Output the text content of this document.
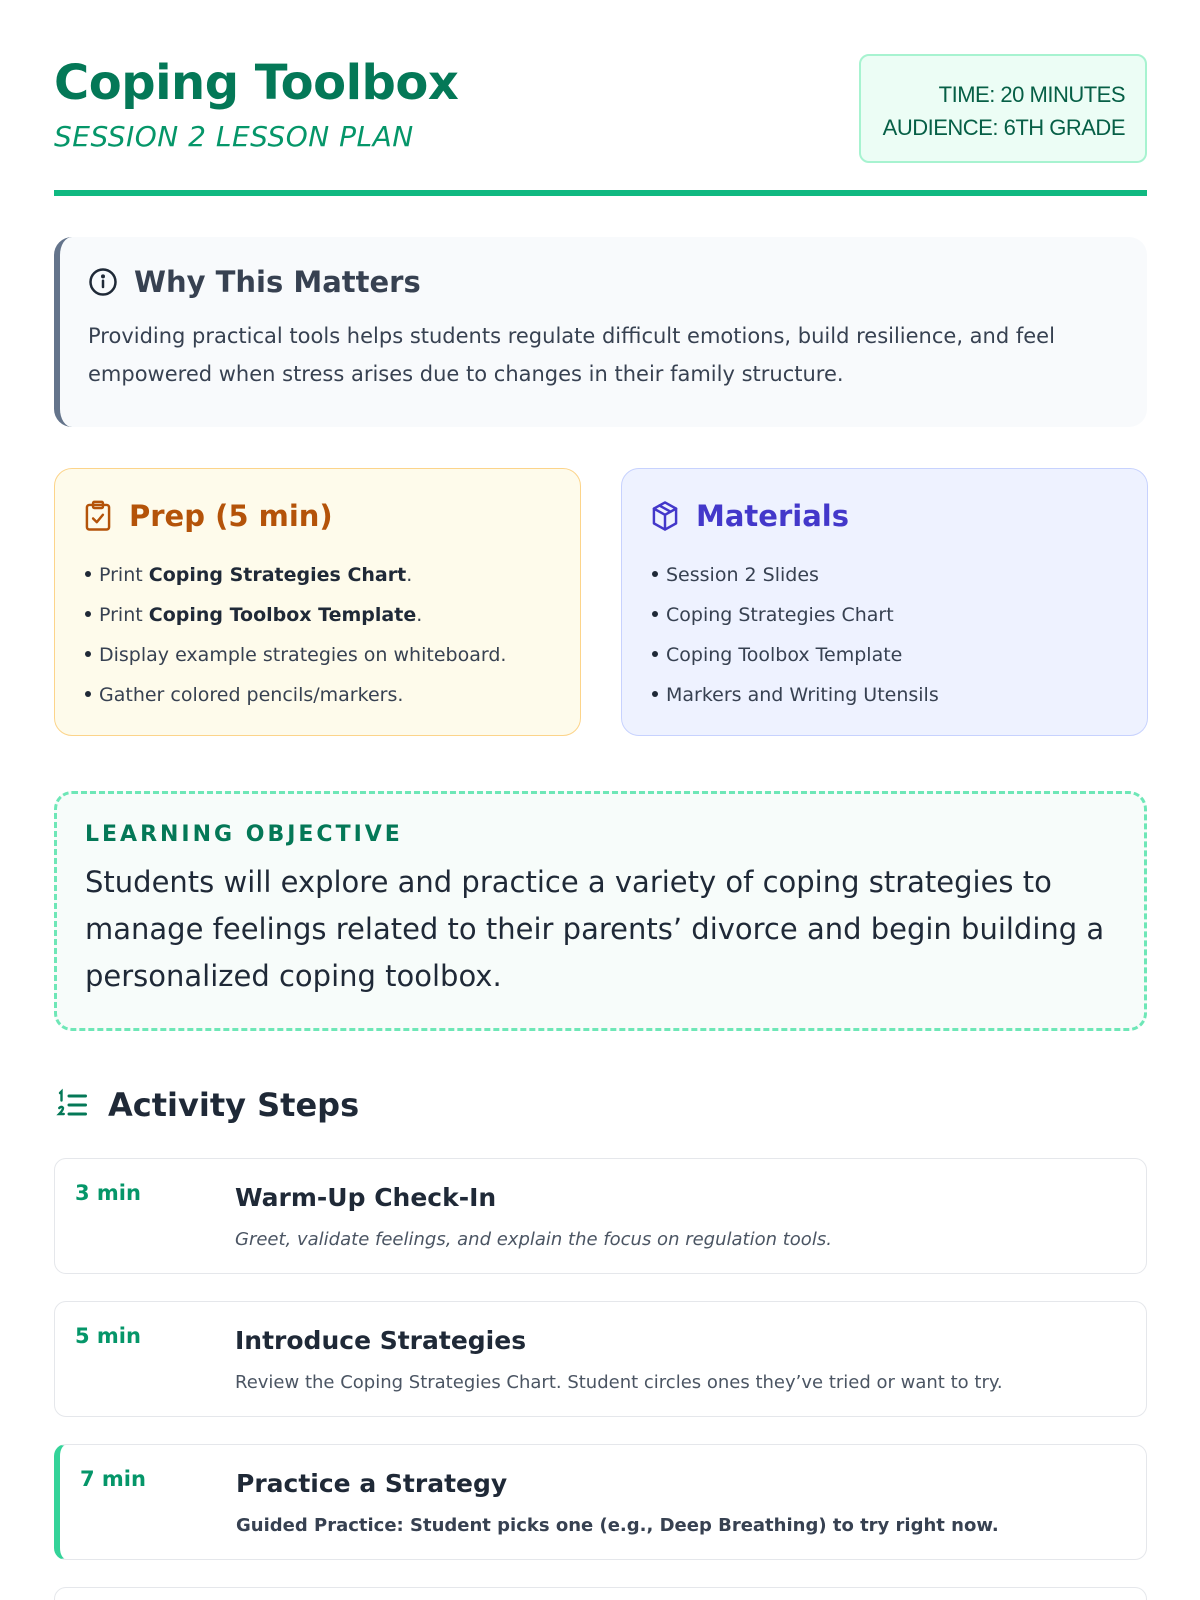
Coping Toolbox
SESSION 2 LESSON PLAN
TIME: 20 MINUTES
AUDIENCE: 6TH GRADE
Why This Matters
Providing practical tools helps students regulate difficult emotions, build resilience, and feel empowered when stress arises due to changes in their family structure.
Prep (5 min)
Print Coping Strategies Chart.
Print Coping Toolbox Template.
Display example strategies on whiteboard.
Gather colored pencils/markers.
Materials
Session 2 Slides
Coping Strategies Chart
Coping Toolbox Template
Markers and Writing Utensils
LEARNING OBJECTIVE
Students will explore and practice a variety of coping strategies to manage feelings related to their parents’ divorce and begin building a personalized coping toolbox.
Activity Steps
3 min	Warm-Up Check-In
Greet, validate feelings, and explain the focus on regulation tools.
5 min	Introduce Strategies
Review the Coping Strategies Chart. Student circles ones they’ve tried or want to try.
7 min	Practice a Strategy
Guided Practice: Student picks one (e.g., Deep Breathing) to try right now.
